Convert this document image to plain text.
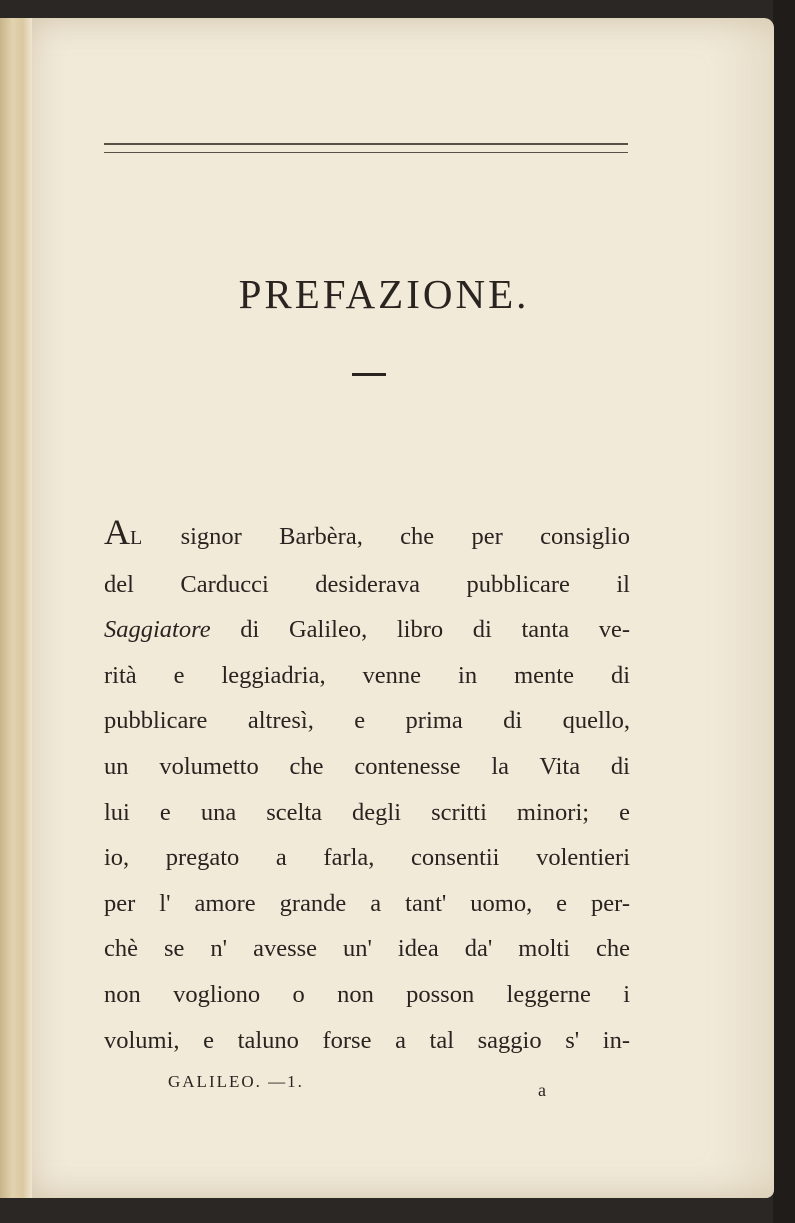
PREFAZIONE.
AL signor Barbèra, che per consiglio
del Carducci desiderava pubblicare il
Saggiatore di Galileo, libro di tanta ve-
rità e leggiadria, venne in mente di
pubblicare altresì, e prima di quello,
un volumetto che contenesse la Vita di
lui e una scelta degli scritti minori; e
io, pregato a farla, consentii volentieri
per l' amore grande a tant' uomo, e per-
chè se n' avesse un' idea da' molti che
non vogliono o non posson leggerne i
volumi, e taluno forse a tal saggio s' in-
GALILEO. —1.	a
